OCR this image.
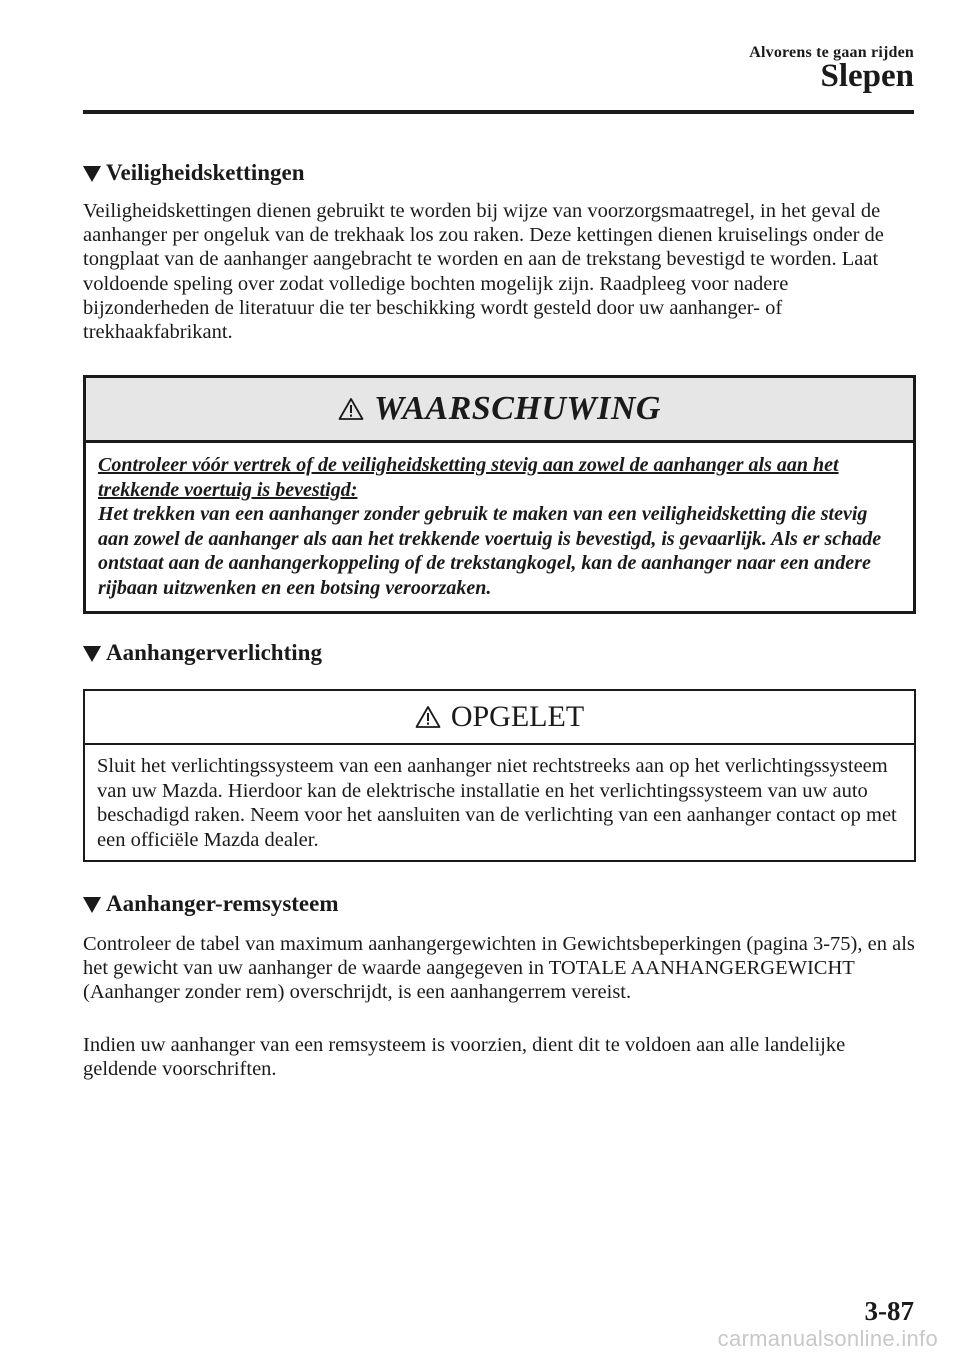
Alvorens te gaan rijden
Slepen
Veiligheidskettingen

Veiligheidskettingen dienen gebruikt te worden bij wijze van voorzorgsmaatregel, in het geval de aanhanger per ongeluk van de trekhaak los zou raken. Deze kettingen dienen kruiselings onder de tongplaat van de aanhanger aangebracht te worden en aan de trekstang bevestigd te worden. Laat voldoende speling over zodat volledige bochten mogelijk zijn. Raadpleeg voor nadere bijzonderheden de literatuur die ter beschikking wordt gesteld door uw aanhanger- of trekhaakfabrikant.

WAARSCHUWING
Controleer vóór vertrek of de veiligheidsketting stevig aan zowel de aanhanger als aan het trekkende voertuig is bevestigd:
Het trekken van een aanhanger zonder gebruik te maken van een veiligheidsketting die stevig aan zowel de aanhanger als aan het trekkende voertuig is bevestigd, is gevaarlijk. Als er schade ontstaat aan de aanhangerkoppeling of de trekstangkogel, kan de aanhanger naar een andere rijbaan uitzwenken en een botsing veroorzaken.
Aanhangerverlichting
OPGELET
Sluit het verlichtingssysteem van een aanhanger niet rechtstreeks aan op het verlichtingssysteem van uw Mazda. Hierdoor kan de elektrische installatie en het verlichtingssysteem van uw auto beschadigd raken. Neem voor het aansluiten van de verlichting van een aanhanger contact op met een officiële Mazda dealer.
Aanhanger-remsysteem

Controleer de tabel van maximum aanhangergewichten in Gewichtsbeperkingen (pagina 3-75), en als het gewicht van uw aanhanger de waarde aangegeven in TOTALE AANHANGERGEWICHT (Aanhanger zonder rem) overschrijdt, is een aanhangerrem vereist.

Indien uw aanhanger van een remsysteem is voorzien, dient dit te voldoen aan alle landelijke geldende voorschriften.

3-87
carmanualsonline.info
